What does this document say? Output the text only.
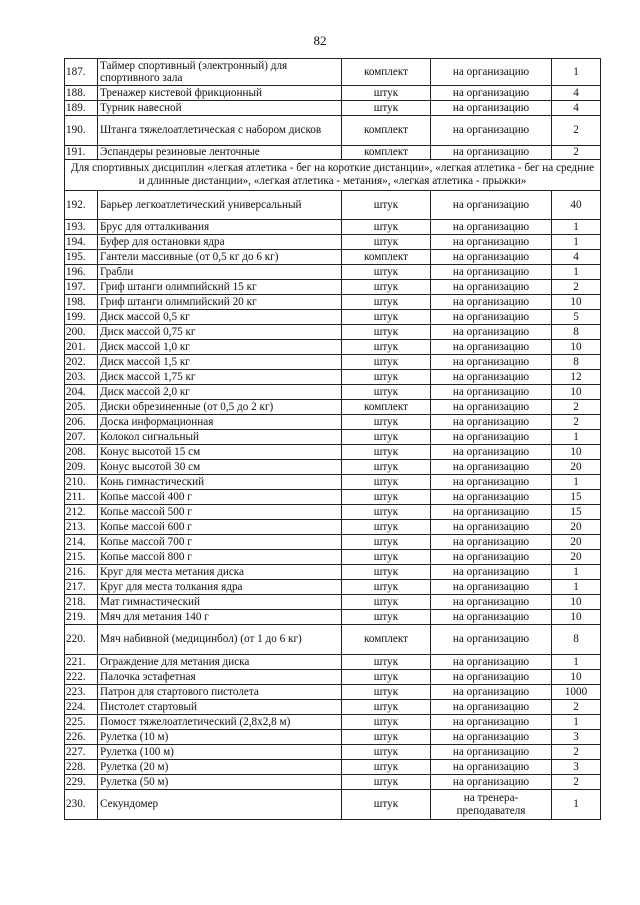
82
187.	Таймер спортивный (электронный) для спортивного зала	комплект	на организацию	1
188.	Тренажер кистевой фрикционный	штук	на организацию	4
189.	Турник навесной	штук	на организацию	4
190.	Штанга тяжелоатлетическая с набором дисков	комплект	на организацию	2
191.	Эспандеры резиновые ленточные	комплект	на организацию	2
Для спортивных дисциплин «легкая атлетика - бег на короткие дистанции», «легкая атлетика - бег на средние и длинные дистанции», «легкая атлетика - метания», «легкая атлетика - прыжки»				
192.	Барьер легкоатлетический универсальный	штук	на организацию	40
193.	Брус для отталкивания	штук	на организацию	1
194.	Буфер для остановки ядра	штук	на организацию	1
195.	Гантели массивные (от 0,5 кг до 6 кг)	комплект	на организацию	4
196.	Грабли	штук	на организацию	1
197.	Гриф штанги олимпийский 15 кг	штук	на организацию	2
198.	Гриф штанги олимпийский 20 кг	штук	на организацию	10
199.	Диск массой 0,5 кг	штук	на организацию	5
200.	Диск массой 0,75 кг	штук	на организацию	8
201.	Диск массой 1,0 кг	штук	на организацию	10
202.	Диск массой 1,5 кг	штук	на организацию	8
203.	Диск массой 1,75 кг	штук	на организацию	12
204.	Диск массой 2,0 кг	штук	на организацию	10
205.	Диски обрезиненные (от 0,5 до 2 кг)	комплект	на организацию	2
206.	Доска информационная	штук	на организацию	2
207.	Колокол сигнальный	штук	на организацию	1
208.	Конус высотой 15 см	штук	на организацию	10
209.	Конус высотой 30 см	штук	на организацию	20
210.	Конь гимнастический	штук	на организацию	1
211.	Копье массой 400 г	штук	на организацию	15
212.	Копье массой 500 г	штук	на организацию	15
213.	Копье массой 600 г	штук	на организацию	20
214.	Копье массой 700 г	штук	на организацию	20
215.	Копье массой 800 г	штук	на организацию	20
216.	Круг для места метания диска	штук	на организацию	1
217.	Круг для места толкания ядра	штук	на организацию	1
218.	Мат гимнастический	штук	на организацию	10
219.	Мяч для метания 140 г	штук	на организацию	10
220.	Мяч набивной (медицинбол) (от 1 до 6 кг)	комплект	на организацию	8
221.	Ограждение для метания диска	штук	на организацию	1
222.	Палочка эстафетная	штук	на организацию	10
223.	Патрон для стартового пистолета	штук	на организацию	1000
224.	Пистолет стартовый	штук	на организацию	2
225.	Помост тяжелоатлетический (2,8х2,8 м)	штук	на организацию	1
226.	Рулетка (10 м)	штук	на организацию	3
227.	Рулетка (100 м)	штук	на организацию	2
228.	Рулетка (20 м)	штук	на организацию	3
229.	Рулетка (50 м)	штук	на организацию	2
230.	Секундомер	штук	на тренера-преподавателя	1
